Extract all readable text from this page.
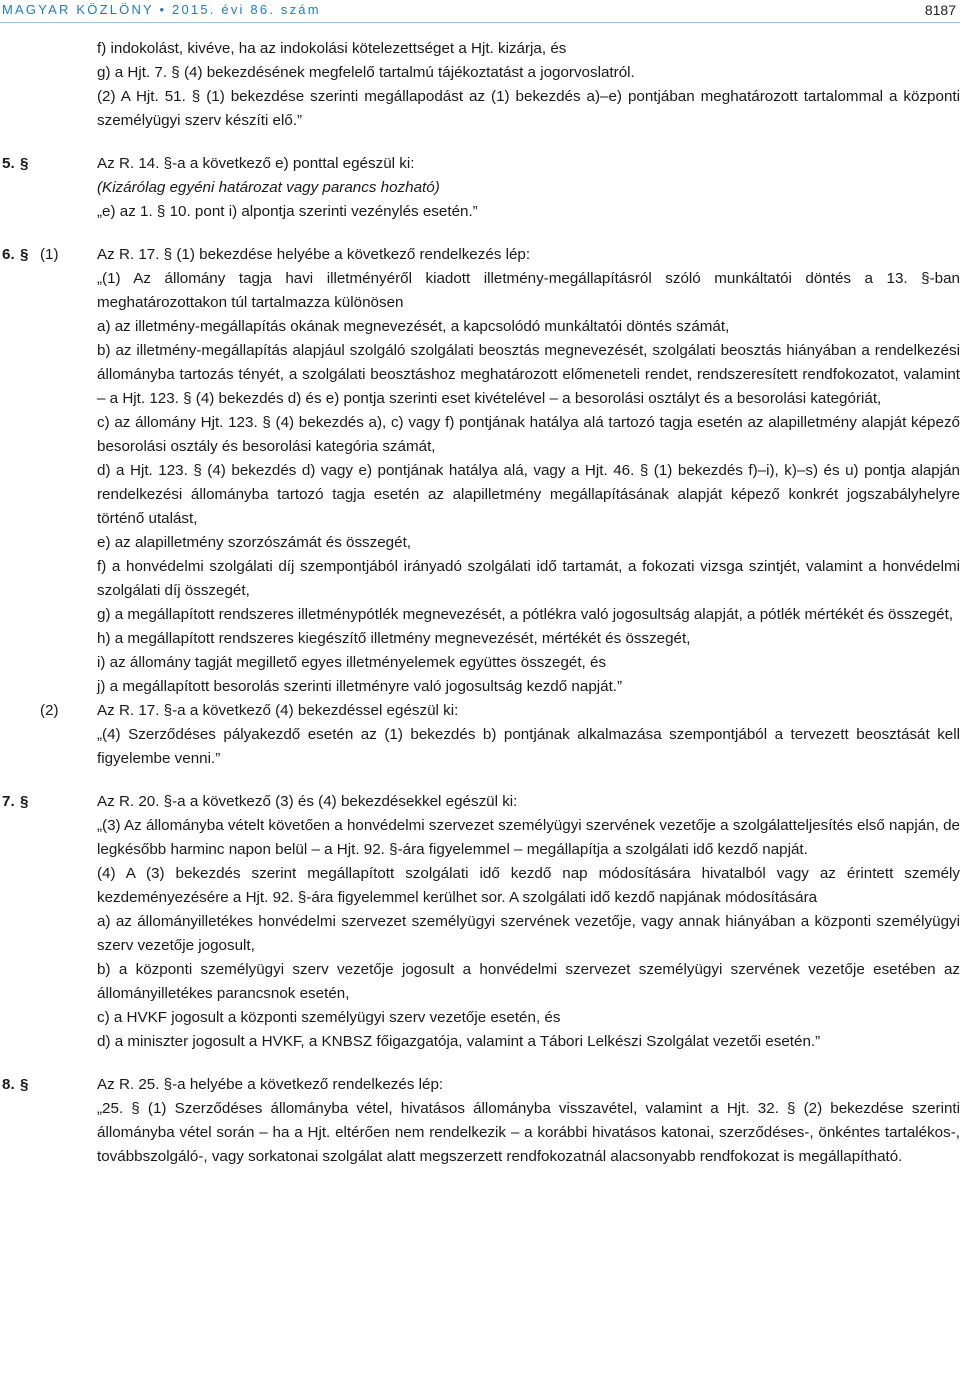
MAGYAR KÖZLÖNY • 2015. évi 86. szám	8187

f) indokolást, kivéve, ha az indokolási kötelezettséget a Hjt. kizárja, és

g) a Hjt. 7. § (4) bekezdésének megfelelő tartalmú tájékoztatást a jogorvoslatról.

(2) A Hjt. 51. § (1) bekezdése szerinti megállapodást az (1) bekezdés a)–e) pontjában meghatározott tartalommal a központi személyügyi szerv készíti elő.”

5. §	Az R. 14. §-a a következő e) ponttal egészül ki:

(Kizárólag egyéni határozat vagy parancs hozható)

„e) az 1. § 10. pont i) alpontja szerinti vezénylés esetén.”

6. § (1)	Az R. 17. § (1) bekezdése helyébe a következő rendelkezés lép:

„(1) Az állomány tagja havi illetményéről kiadott illetmény-megállapításról szóló munkáltatói döntés a 13. §-ban meghatározottakon túl tartalmazza különösen

a) az illetmény-megállapítás okának megnevezését, a kapcsolódó munkáltatói döntés számát,

b) az illetmény-megállapítás alapjául szolgáló szolgálati beosztás megnevezését, szolgálati beosztás hiányában a rendelkezési állományba tartozás tényét, a szolgálati beosztáshoz meghatározott előmeneteli rendet, rendszeresített rendfokozatot, valamint – a Hjt. 123. § (4) bekezdés d) és e) pontja szerinti eset kivételével – a besorolási osztályt és a besorolási kategóriát,

c) az állomány Hjt. 123. § (4) bekezdés a), c) vagy f) pontjának hatálya alá tartozó tagja esetén az alapilletmény alapját képező besorolási osztály és besorolási kategória számát,

d) a Hjt. 123. § (4) bekezdés d) vagy e) pontjának hatálya alá, vagy a Hjt. 46. § (1) bekezdés f)–i), k)–s) és u) pontja alapján rendelkezési állományba tartozó tagja esetén az alapilletmény megállapításának alapját képező konkrét jogszabályhelyre történő utalást,

e) az alapilletmény szorzószámát és összegét,

f) a honvédelmi szolgálati díj szempontjából irányadó szolgálati idő tartamát, a fokozati vizsga szintjét, valamint a honvédelmi szolgálati díj összegét,

g) a megállapított rendszeres illetménypótlék megnevezését, a pótlékra való jogosultság alapját, a pótlék mértékét és összegét,

h) a megállapított rendszeres kiegészítő illetmény megnevezését, mértékét és összegét,

i) az állomány tagját megillető egyes illetményelemek együttes összegét, és

j) a megállapított besorolás szerinti illetményre való jogosultság kezdő napját.”

(2)	Az R. 17. §-a a következő (4) bekezdéssel egészül ki:

„(4) Szerződéses pályakezdő esetén az (1) bekezdés b) pontjának alkalmazása szempontjából a tervezett beosztását kell figyelembe venni.”

7. §	Az R. 20. §-a a következő (3) és (4) bekezdésekkel egészül ki:

„(3) Az állományba vételt követően a honvédelmi szervezet személyügyi szervének vezetője a szolgálatteljesítés első napján, de legkésőbb harminc napon belül – a Hjt. 92. §-ára figyelemmel – megállapítja a szolgálati idő kezdő napját.

(4) A (3) bekezdés szerint megállapított szolgálati idő kezdő nap módosítására hivatalból vagy az érintett személy kezdeményezésére a Hjt. 92. §-ára figyelemmel kerülhet sor. A szolgálati idő kezdő napjának módosítására

a) az állományilletékes honvédelmi szervezet személyügyi szervének vezetője, vagy annak hiányában a központi személyügyi szerv vezetője jogosult,

b) a központi személyügyi szerv vezetője jogosult a honvédelmi szervezet személyügyi szervének vezetője esetében az állományilletékes parancsnok esetén,

c) a HVKF jogosult a központi személyügyi szerv vezetője esetén, és

d) a miniszter jogosult a HVKF, a KNBSZ főigazgatója, valamint a Tábori Lelkészi Szolgálat vezetői esetén.”

8. §	Az R. 25. §-a helyébe a következő rendelkezés lép:

„25. § (1) Szerződéses állományba vétel, hivatásos állományba visszavétel, valamint a Hjt. 32. § (2) bekezdése szerinti állományba vétel során – ha a Hjt. eltérően nem rendelkezik – a korábbi hivatásos katonai, szerződéses-, önkéntes tartalékos-, továbbszolgáló-, vagy sorkatonai szolgálat alatt megszerzett rendfokozatnál alacsonyabb rendfokozat is megállapítható.
